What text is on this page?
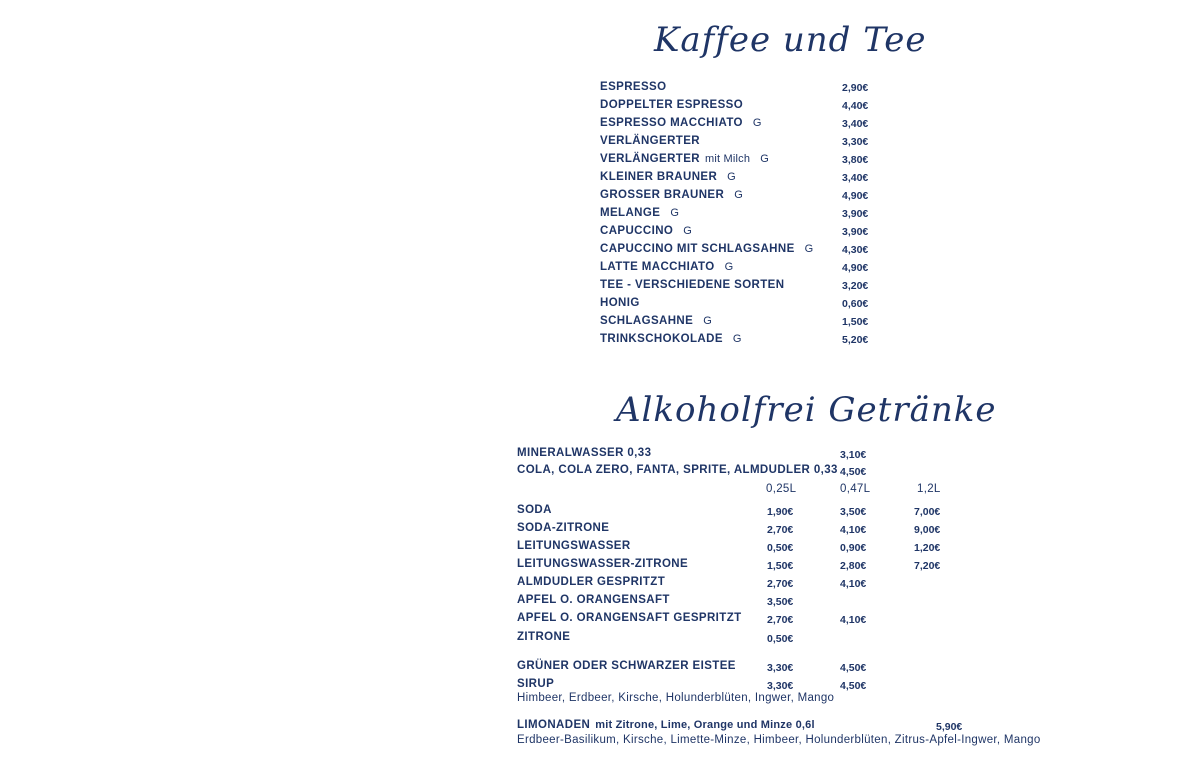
Kaffee und Tee
ESPRESSO	2,90€
DOPPELTER ESPRESSO	4,40€
ESPRESSO MACCHIATO G	3,40€
VERLÄNGERTER	3,30€
VERLÄNGERTER mit Milch G	3,80€
KLEINER BRAUNER G	3,40€
GROSSER BRAUNER G	4,90€
MELANGE G	3,90€
CAPUCCINO G	3,90€
CAPUCCINO MIT SCHLAGSAHNE G	4,30€
LATTE MACCHIATO G	4,90€
TEE - VERSCHIEDENE SORTEN	3,20€
HONIG	0,60€
SCHLAGSAHNE G	1,50€
TRINKSCHOKOLADE G	5,20€
Alkoholfrei Getränke
MINERALWASSER 0,33	3,10€
COLA, COLA ZERO, FANTA, SPRITE, ALMDUDLER 0,33 4,50€
0,25L	0,47L	1,2L
SODA	1,90€	3,50€	7,00€
SODA-ZITRONE	2,70€	4,10€	9,00€
LEITUNGSWASSER	0,50€	0,90€	1,20€
LEITUNGSWASSER-ZITRONE	1,50€	2,80€	7,20€
ALMDUDLER GESPRITZT	2,70€	4,10€
APFEL O. ORANGENSAFT	3,50€
APFEL O. ORANGENSAFT GESPRITZT 2,70€	4,10€
ZITRONE	0,50€
GRÜNER ODER SCHWARZER EISTEE	3,30€	4,50€
SIRUP	3,30€	4,50€
Himbeer, Erdbeer, Kirsche, Holunderblüten, Ingwer, Mango
LIMONADEN mit Zitrone, Lime, Orange und Minze 0,6l	5,90€
Erdbeer-Basilikum, Kirsche, Limette-Minze, Himbeer, Holunderblüten, Zitrus-Apfel-Ingwer, Mango
